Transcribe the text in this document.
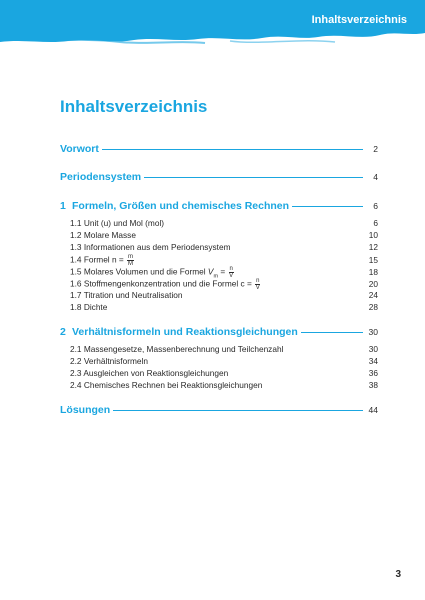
Inhaltsverzeichnis
Inhaltsverzeichnis
Vorwort	2
Periodensystem	4
1 Formeln, Größen und chemisches Rechnen	6
1.1 Unit (u) und Mol (mol)	6
1.2 Molare Masse	10
1.3 Informationen aus dem Periodensystem	12
1.4 Formel $n = \frac{m}{M}$	15
1.5 Molares Volumen und die Formel $V_m = \frac{n}{V}$	18
1.6 Stoffmengenkonzentration und die Formel $c = \frac{n}{V}$	20
1.7 Titration und Neutralisation	24
1.8 Dichte	28
2 Verhältnisformeln und Reaktionsgleichungen	30
2.1 Massengesetze, Massenberechnung und Teilchenzahl	30
2.2 Verhältnisformeln	34
2.3 Ausgleichen von Reaktionsgleichungen	36
2.4 Chemisches Rechnen bei Reaktionsgleichungen	38
Lösungen	44
3
